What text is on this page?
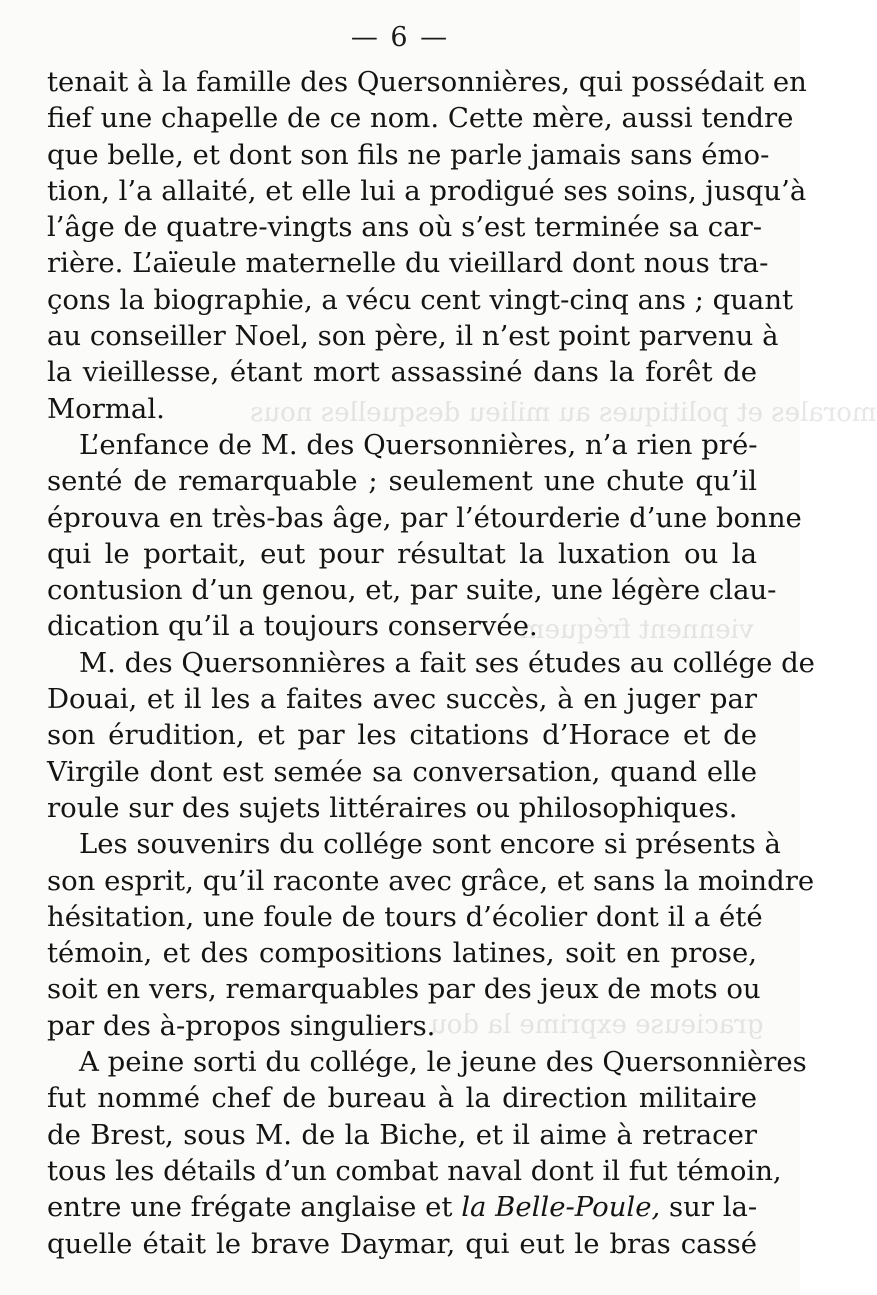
morales et politiques au milieu desquelles nous
viennent fréquem
gracieuse exprime la dou
— 6 —
tenait à la famille des Quersonnières, qui possédait en
fief une chapelle de ce nom. Cette mère, aussi tendre
que belle, et dont son fils ne parle jamais sans émo-
tion, l’a allaité, et elle lui a prodigué ses soins, jusqu’à
l’âge de quatre-vingts ans où s’est terminée sa car-
rière. L’aïeule maternelle du vieillard dont nous tra-
çons la biographie, a vécu cent vingt-cinq ans ; quant
au conseiller Noel, son père, il n’est point parvenu à
la vieillesse, étant mort assassiné dans la forêt de
Mormal.
L’enfance de M. des Quersonnières, n’a rien pré-
senté de remarquable ; seulement une chute qu’il
éprouva en très-bas âge, par l’étourderie d’une bonne
qui le portait, eut pour résultat la luxation ou la
contusion d’un genou, et, par suite, une légère clau-
dication qu’il a toujours conservée.
M. des Quersonnières a fait ses études au collége de
Douai, et il les a faites avec succès, à en juger par
son érudition, et par les citations d’Horace et de
Virgile dont est semée sa conversation, quand elle
roule sur des sujets littéraires ou philosophiques.
Les souvenirs du collége sont encore si présents à
son esprit, qu’il raconte avec grâce, et sans la moindre
hésitation, une foule de tours d’écolier dont il a été
témoin, et des compositions latines, soit en prose,
soit en vers, remarquables par des jeux de mots ou
par des à-propos singuliers.
A peine sorti du collége, le jeune des Quersonnières
fut nommé chef de bureau à la direction militaire
de Brest, sous M. de la Biche, et il aime à retracer
tous les détails d’un combat naval dont il fut témoin,
entre une frégate anglaise et la Belle-Poule, sur la-
quelle était le brave Daymar, qui eut le bras cassé
